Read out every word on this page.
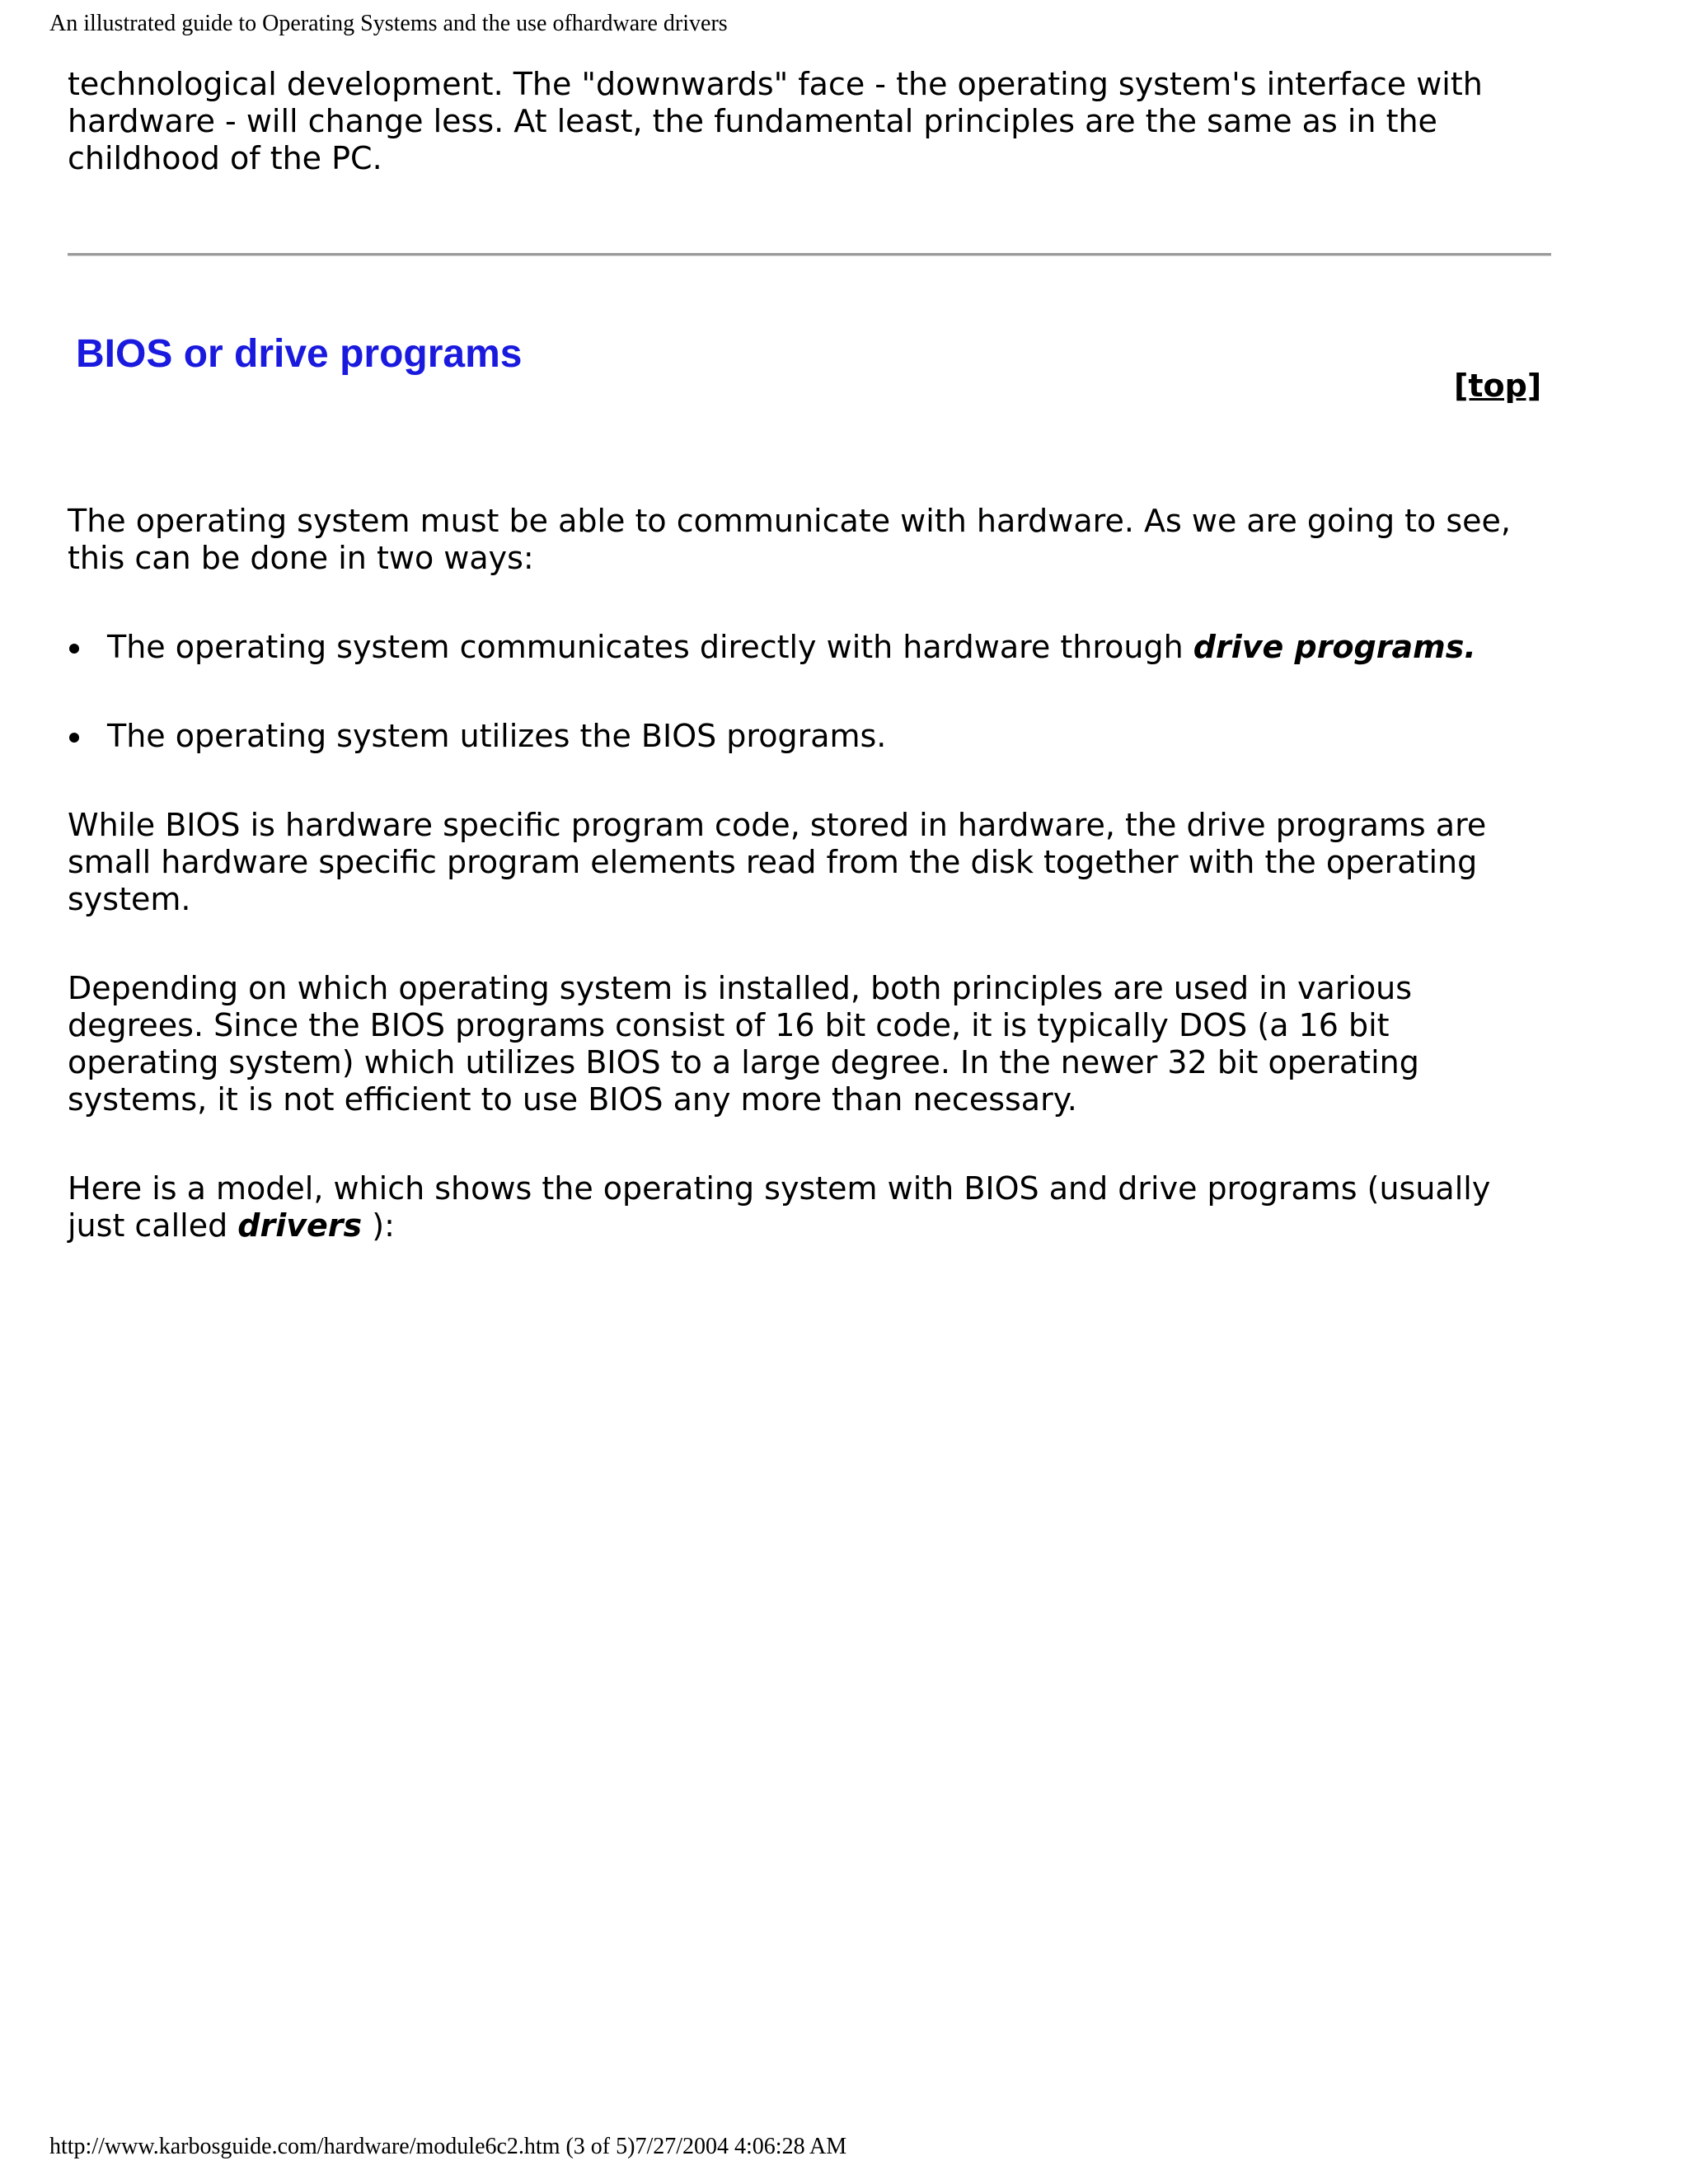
An illustrated guide to Operating Systems and the use ofhardware drivers

technological development. The "downwards" face - the operating system's interface with
hardware - will change less. At least, the fundamental principles are the same as in the
childhood of the PC.

BIOS or drive programs
[top]

The operating system must be able to communicate with hardware. As we are going to see,
this can be done in two ways:

The operating system communicates directly with hardware through drive programs.
The operating system utilizes the BIOS programs.

While BIOS is hardware specific program code, stored in hardware, the drive programs are
small hardware specific program elements read from the disk together with the operating
system.

Depending on which operating system is installed, both principles are used in various
degrees. Since the BIOS programs consist of 16 bit code, it is typically DOS (a 16 bit
operating system) which utilizes BIOS to a large degree. In the newer 32 bit operating
systems, it is not efficient to use BIOS any more than necessary.

Here is a model, which shows the operating system with BIOS and drive programs (usually
just called drivers ):

http://www.karbosguide.com/hardware/module6c2.htm (3 of 5)7/27/2004 4:06:28 AM
